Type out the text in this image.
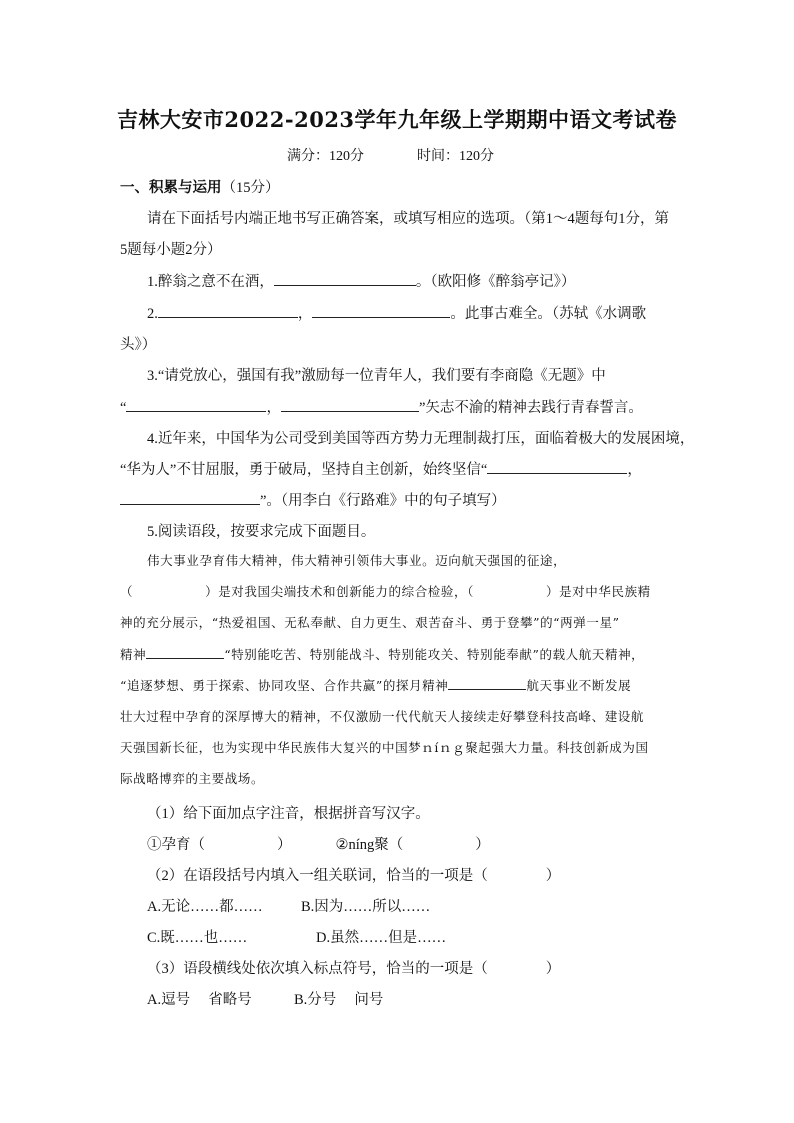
吉林大安市2022-2023学年九年级上学期期中语文考试卷
满分：120分	时间：120分
一、积累与运用（15分）
请在下面括号内端正地书写正确答案，或填写相应的选项。（第1～4题每句1分，第
5题每小题2分）
1.醉翁之意不在酒，	。（欧阳修《醉翁亭记》）
2.	，	。此事古难全。（苏轼《水调歌
头》）
3.“请党放心，强国有我”激励每一位青年人，我们要有李商隐《无题》中
“	，	”矢志不渝的精神去践行青春誓言。
4.近年来，中国华为公司受到美国等西方势力无理制裁打压，面临着极大的发展困境，
“华为人”不甘屈服，勇于破局，坚持自主创新，始终坚信“	，
”。（用李白《行路难》中的句子填写）
5.阅读语段，按要求完成下面题目。
伟大事业孕育伟大精神，伟大精神引领伟大事业。迈向航天强国的征途，
（	）是对我国尖端技术和创新能力的综合检验，（	）是对中华民族精
神的充分展示，“热爱祖国、无私奉献、自力更生、艰苦奋斗、勇于登攀”的“两弹一星”
精神	“特别能吃苦、特别能战斗、特别能攻关、特别能奉献”的载人航天精神，
“追逐梦想、勇于探索、协同攻坚、合作共赢”的探月精神	航天事业不断发展
壮大过程中孕育的深厚博大的精神，不仅激励一代代航天人接续走好攀登科技高峰、建设航
天强国新长征，也为实现中华民族伟大复兴的中国梦ｎíｎｇ聚起强大力量。科技创新成为国
际战略博弈的主要战场。
（1）给下面加点字注音，根据拼音写汉字。
①孕育（	）	②níng聚（	）
（2）在语段括号内填入一组关联词，恰当的一项是（	）
A.无论……都……	B.因为……所以……
C.既……也……	D.虽然……但是……
（3）语段横线处依次填入标点符号，恰当的一项是（	）
A.逗号　 省略号	B.分号　 问号
